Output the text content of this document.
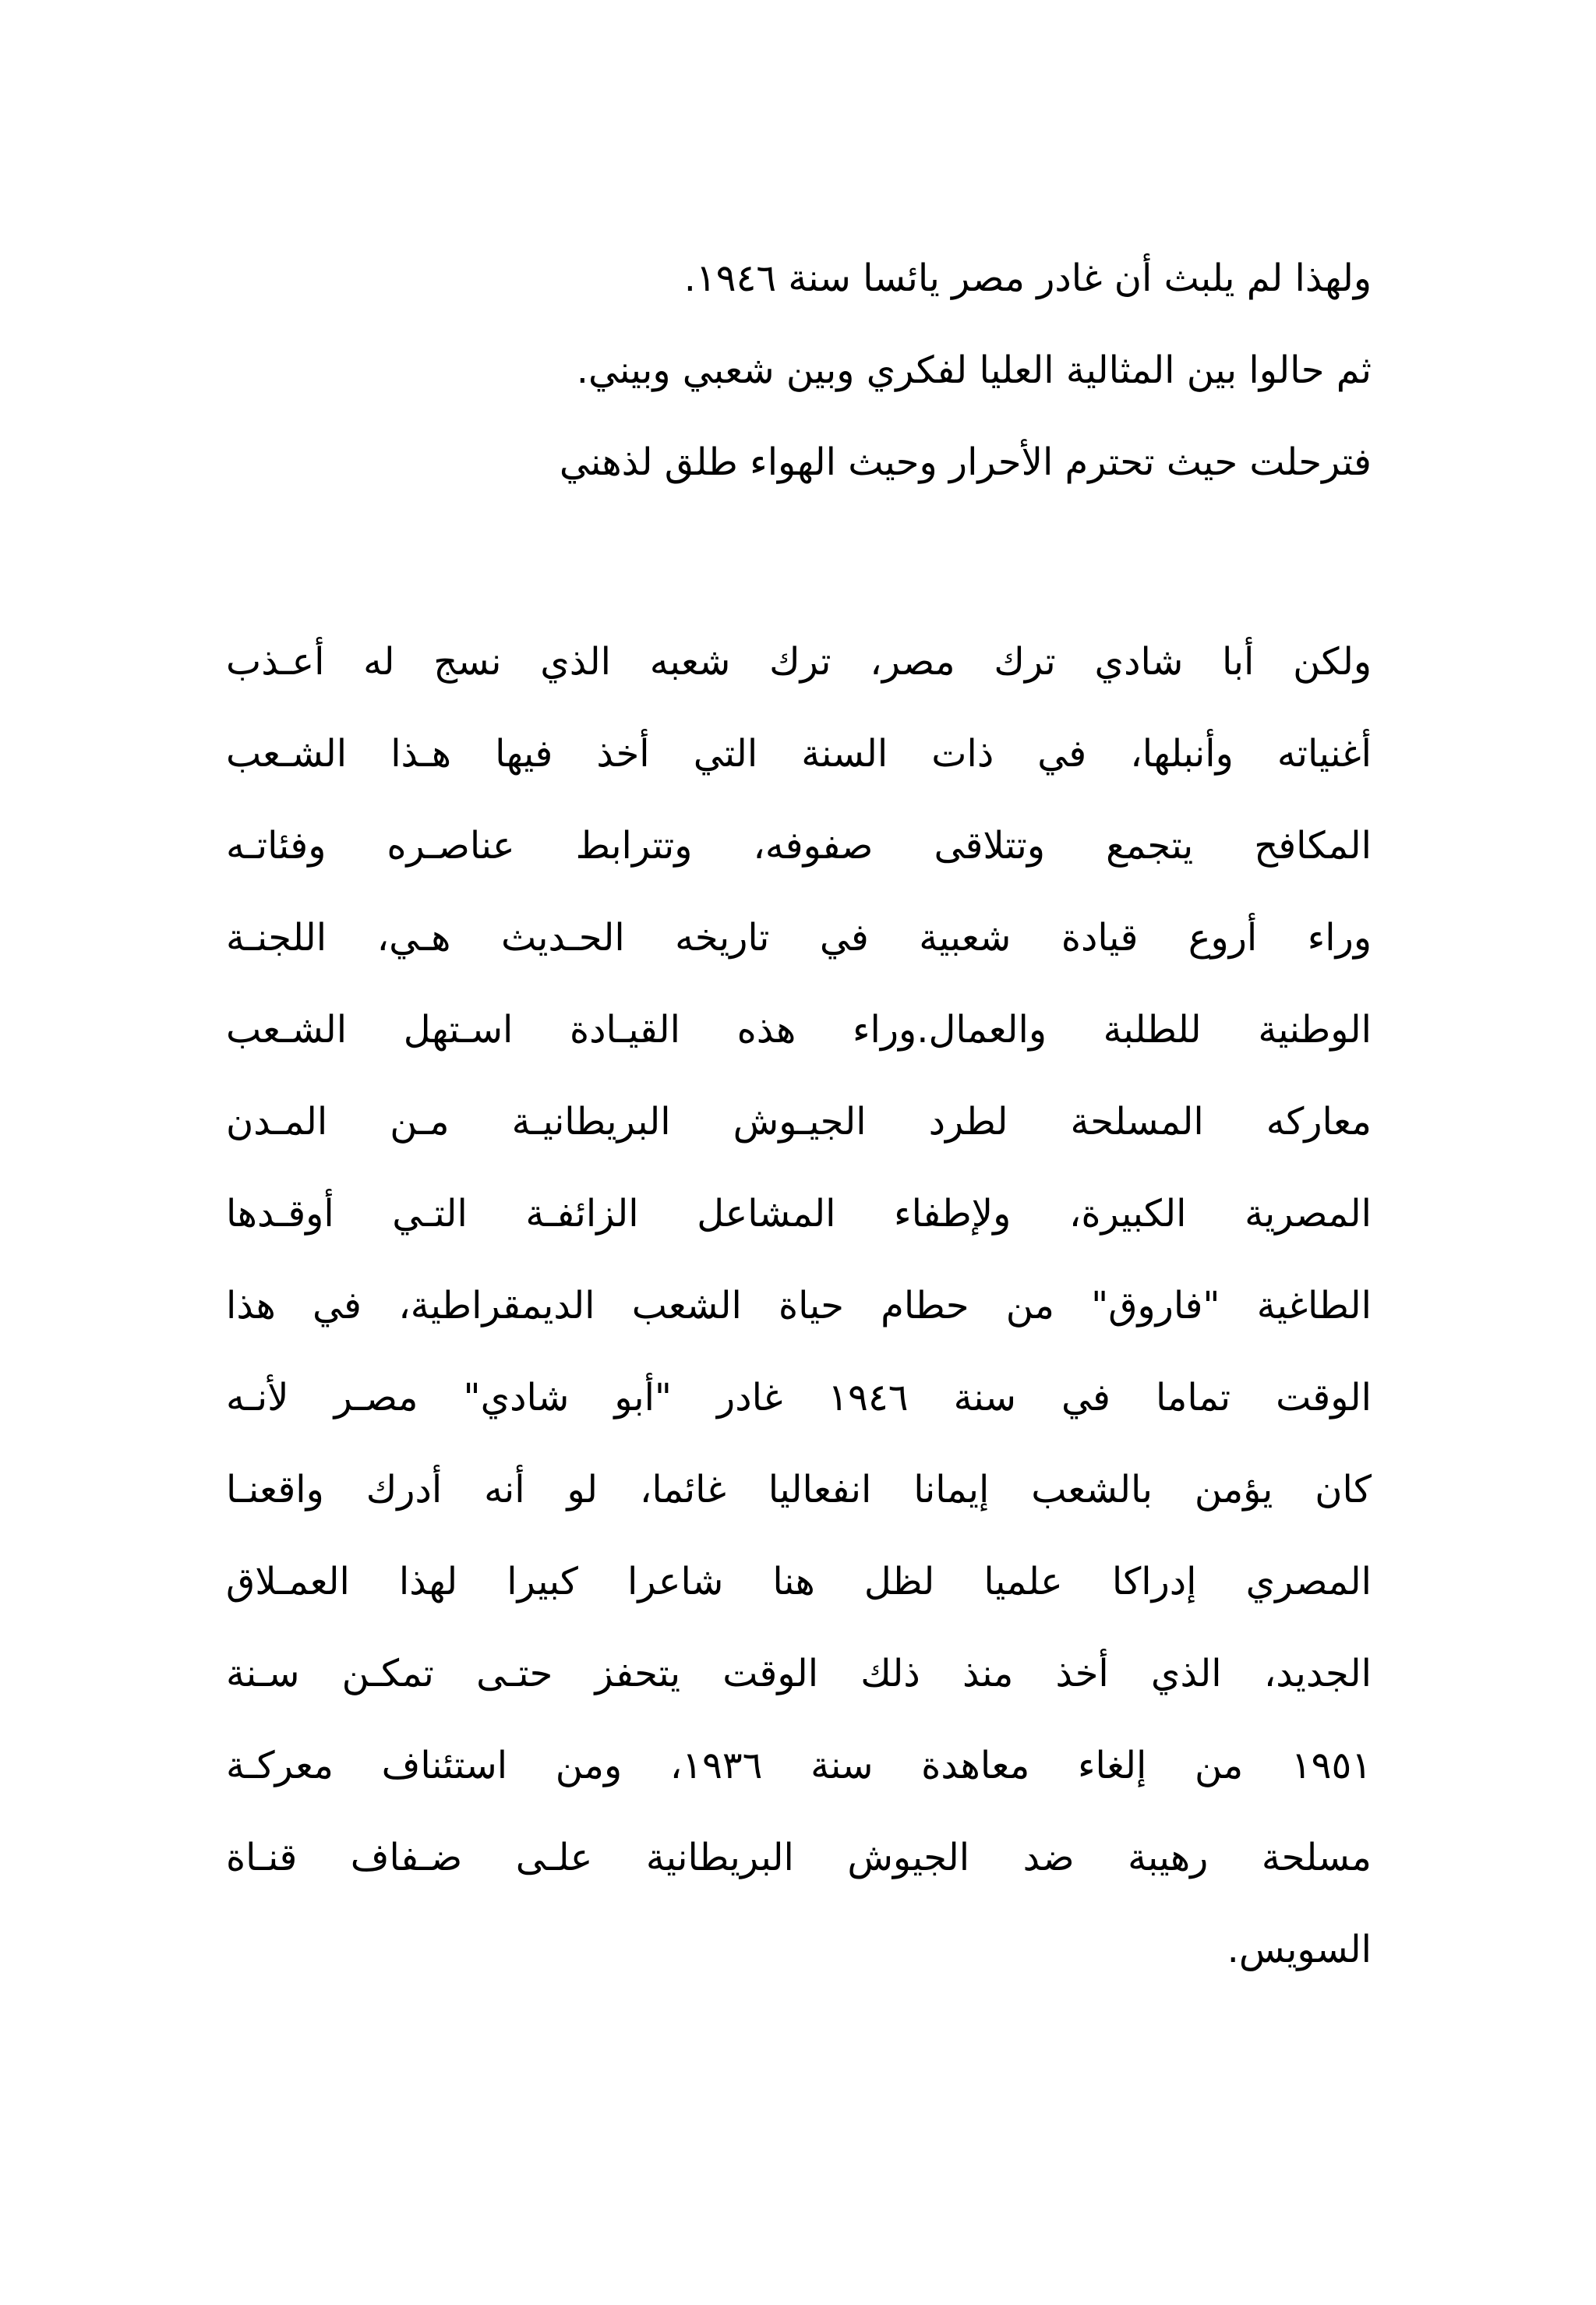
ولهذا لم يلبث أن غادر مصر يائسا سنة ١٩٤٦.
ثم حالوا بين المثالية العليا لفكري وبين شعبي وبيني.
فترحلت حيث تحترم الأحرار وحيث الهواء طلق لذهني
ولكن أبا شادي ترك مصر، ترك شعبه الذي نسج له أعـذب
أغنياته وأنبلها، في ذات السنة التي أخذ فيها هـذا الشـعب
المكافح يتجمع وتتلاقى صفوفه، وتترابط عناصـره وفئاتـه
وراء أروع قيادة شعبية في تاريخه الحـديث هـي، اللجنـة
الوطنية للطلبة والعمال.وراء هذه القيـادة اسـتهل الشـعب
معاركه المسلحة لطرد الجيـوش البريطانيـة مـن المـدن
المصرية الكبيرة، ولإطفاء المشاعل الزائفـة التـي أوقـدها
الطاغية "فاروق" من حطام حياة الشعب الديمقراطية، في هذا
الوقت تماما في سنة ١٩٤٦ غادر "أبو شادي" مصـر لأنـه
كان يؤمن بالشعب إيمانا انفعاليا غائما، لو أنه أدرك واقعنـا
المصري إدراكا علميا لظل هنا شاعرا كبيرا لهذا العمـلاق
الجديد، الذي أخذ منذ ذلك الوقت يتحفز حتـى تمكـن سـنة
١٩٥١ من إلغاء معاهدة سنة ١٩٣٦، ومن استئناف معركـة
مسلحة رهيبة ضد الجيوش البريطانية علـى ضـفاف قنـاة
السويس.
